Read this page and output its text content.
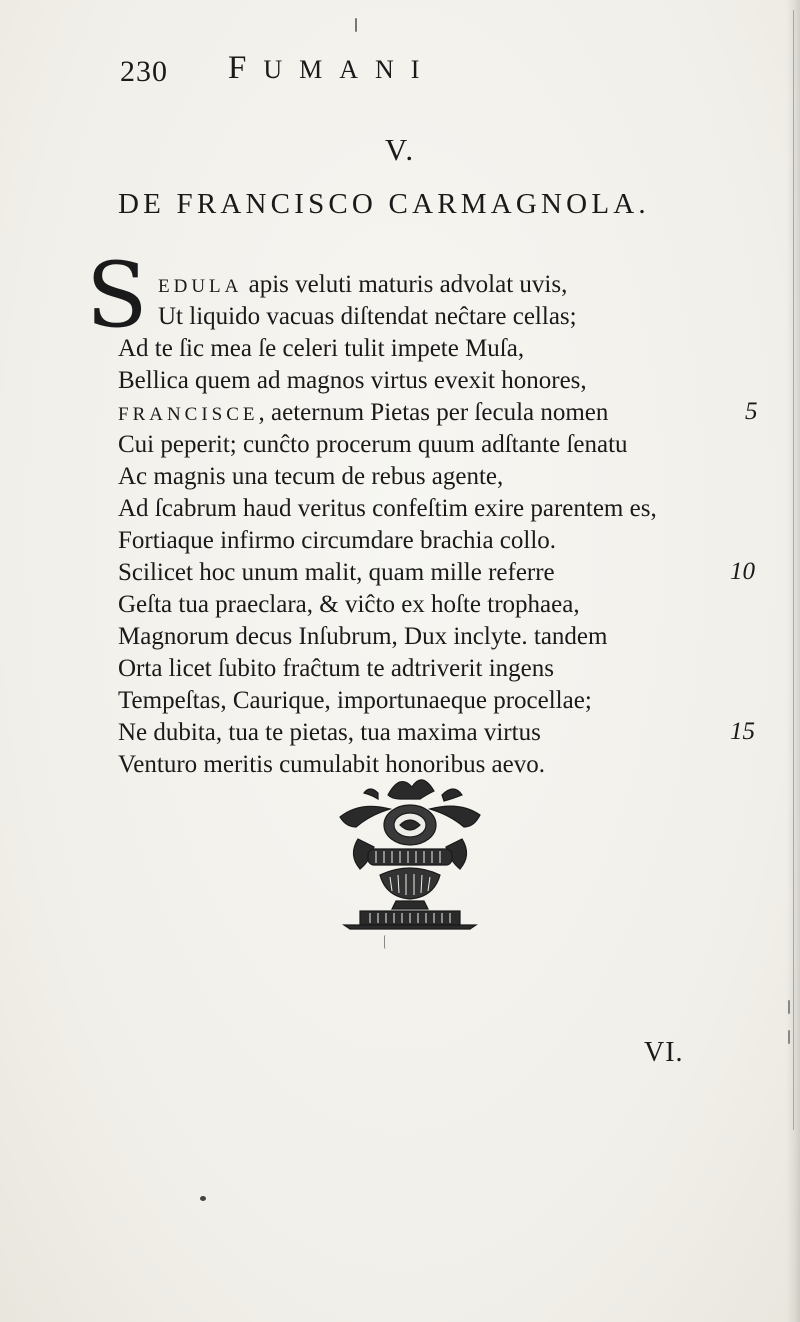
230 FUMANI
V.
DE FRANCISCO CARMAGNOLA.
S EDULA apis veluti maturis advolat uvis,
Ut liquido vacuas diſtendat neĉtare cellas;
Ad te ſic mea ſe celeri tulit impete Muſa,
Bellica quem ad magnos virtus evexit honores,
FRANCISCE, aeternum Pietas per ſecula nomen
Cui peperit; cunĉto procerum quum adſtante ſenatu
Ac magnis una tecum de rebus agente,
Ad ſcabrum haud veritus confeſtim exire parentem es,
Fortiaque infirmo circumdare brachia collo.
Scilicet hoc unum malit, quam mille referre
Geſta tua praeclara, & viĉto ex hoſte trophaea,
Magnorum decus Inſubrum, Dux inclyte. tandem
Orta licet ſubito fraĉtum te adtriverit ingens
Tempeſtas, Caurique, importunaeque procellae;
Ne dubita, tua te pietas, tua maxima virtus
Venturo meritis cumulabit honoribus aevo.
5
10
15
VI.
